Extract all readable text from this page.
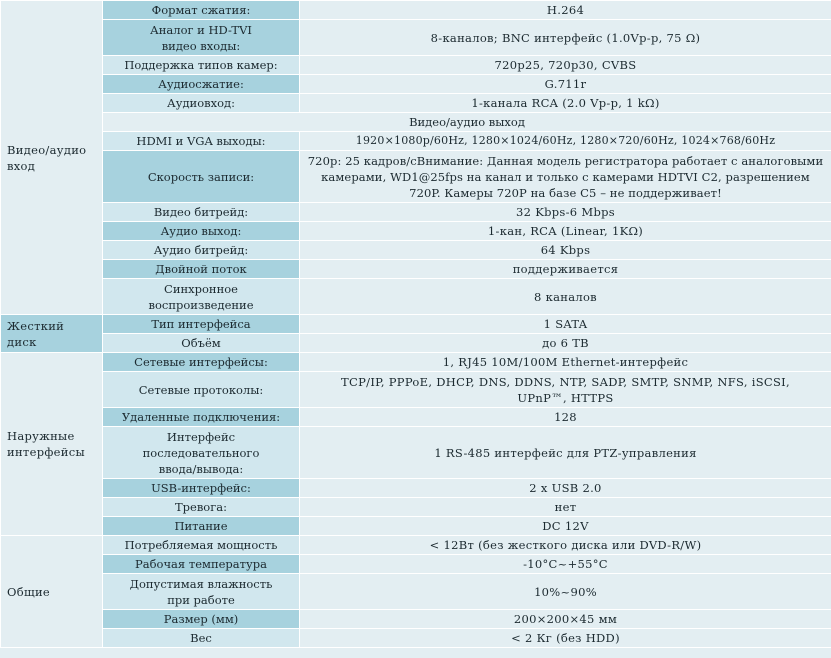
Видео/аудио вход	Формат сжатия:	H.264
	Аналог и HD-TVI видео входы:	8-каналов; BNC интерфейс (1.0Vp-p, 75 Ω)
	Поддержка типов камер:	720p25, 720p30, CVBS
	Аудиосжатие:	G.711r
	Аудиовход:	1-канала RCA (2.0 Vp-p, 1 kΩ)
	Видео/аудио выход	
	HDMI и VGA выходы:	1920×1080p/60Hz, 1280×1024/60Hz, 1280×720/60Hz, 1024×768/60Hz
	Скорость записи:	720p: 25 кадров/сВнимание: Данная модель регистратора работает с аналоговыми камерами, WD1@25fps на канал и только с камерами HDTVI C2, разрешением 720P. Камеры 720P на базе C5 – не поддерживает!
	Видео битрейд:	32 Kbps-6 Mbps
	Аудио выход:	1-кан, RCA (Linear, 1KΩ)
	Аудио битрейд:	64 Kbps
	Двойной поток	поддерживается
	Синхронное воспроизведение	8 каналов
Жесткий диск	Тип интерфейса	1 SATA
	Объём	до 6 TB
Наружные интерфейсы	Сетевые интерфейсы:	1, RJ45 10M/100M Ethernet-интерфейс
	Сетевые протоколы:	TCP/IP, PPPoE, DHCP, DNS, DDNS, NTP, SADP, SMTP, SNMP, NFS, iSCSI, UPnP™, HTTPS
	Удаленные подключения:	128
	Интерфейс последовательного ввода/вывода:	1 RS-485 интерфейс для PTZ-управления
	USB-интерфейс:	2 x USB 2.0
	Тревога:	нет
	Питание	DC 12V
Общие	Потребляемая мощность	< 12Вт (без жесткого диска или DVD-R/W)
	Рабочая температура	-10°C~+55°C
	Допустимая влажность при работе	10%~90%
	Размер (мм)	200×200×45 мм
	Вес	< 2 Кг (без HDD)
